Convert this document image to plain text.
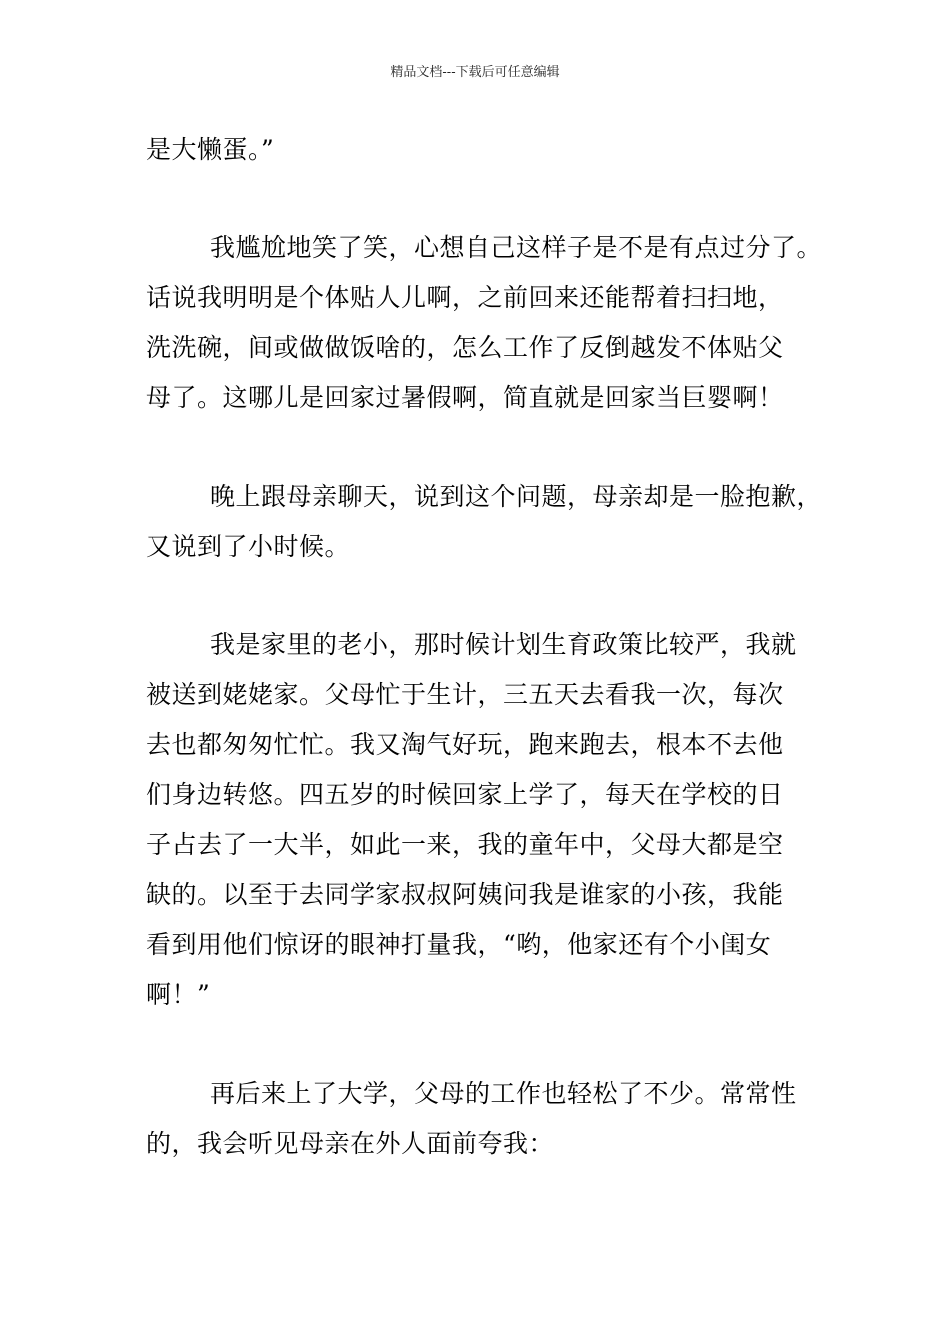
精品文档---下载后可任意编辑
是大懒蛋。”
我尴尬地笑了笑，心想自己这样子是不是有点过分了。
话说我明明是个体贴人儿啊，之前回来还能帮着扫扫地，
洗洗碗，间或做做饭啥的，怎么工作了反倒越发不体贴父
母了。这哪儿是回家过暑假啊，简直就是回家当巨婴啊！
晚上跟母亲聊天，说到这个问题，母亲却是一脸抱歉，
又说到了小时候。
我是家里的老小，那时候计划生育政策比较严，我就
被送到姥姥家。父母忙于生计，三五天去看我一次，每次
去也都匆匆忙忙。我又淘气好玩，跑来跑去，根本不去他
们身边转悠。四五岁的时候回家上学了，每天在学校的日
子占去了一大半，如此一来，我的童年中，父母大都是空
缺的。以至于去同学家叔叔阿姨问我是谁家的小孩，我能
看到用他们惊讶的眼神打量我，“哟，他家还有个小闺女
啊！”
再后来上了大学，父母的工作也轻松了不少。常常性
的，我会听见母亲在外人面前夸我：
